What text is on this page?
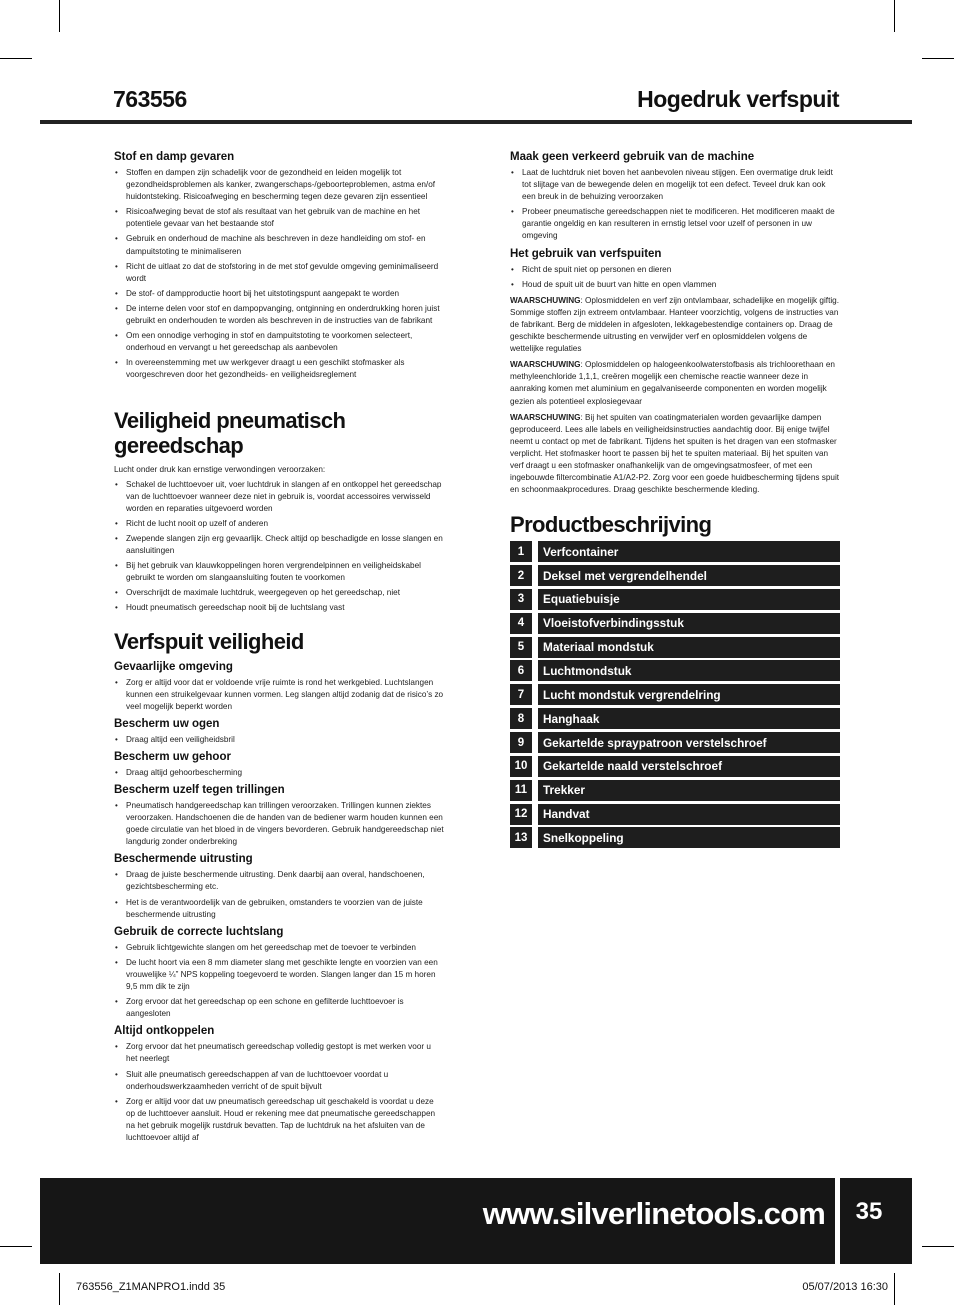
763556	Hogedruk verfspuit
Stof en damp gevaren
• Stoffen en dampen zijn schadelijk voor de gezondheid en leiden mogelijk tot gezondheidsproblemen als kanker, zwangerschaps-/geboorteproblemen, astma en/of huidontsteking. Risicoafweging en bescherming tegen deze gevaren zijn essentieel
• Risicoafweging bevat de stof als resultaat van het gebruik van de machine en het potentiele gevaar van het bestaande stof
• Gebruik en onderhoud de machine als beschreven in deze handleiding om stof- en dampuitstoting te minimaliseren
• Richt de uitlaat zo dat de stofstoring in de met stof gevulde omgeving geminimaliseerd wordt
• De stof- of dampproductie hoort bij het uitstotingspunt aangepakt te worden
• De interne delen voor stof en dampopvanging, ontginning en onderdrukking horen juist gebruikt en onderhouden te worden als beschreven in de instructies van de fabrikant
• Om een onnodige verhoging in stof en dampuitstoting te voorkomen selecteert, onderhoud en vervangt u het gereedschap als aanbevolen
• In overeenstemming met uw werkgever draagt u een geschikt stofmasker als voorgeschreven door het gezondheids- en veiligheidsreglement
Veiligheid pneumatisch gereedschap

Lucht onder druk kan ernstige verwondingen veroorzaken:

• Schakel de luchttoevoer uit, voer luchtdruk in slangen af en ontkoppel het gereedschap van de luchttoevoer wanneer deze niet in gebruik is, voordat accessoires verwisseld worden en reparaties uitgevoerd worden
• Richt de lucht nooit op uzelf of anderen
• Zwepende slangen zijn erg gevaarlijk. Check altijd op beschadigde en losse slangen en aansluitingen
• Bij het gebruik van klauwkoppelingen horen vergrendelpinnen en veiligheidskabel gebruikt te worden om slangaansluiting fouten te voorkomen
• Overschrijdt de maximale luchtdruk, weergegeven op het gereedschap, niet
• Houdt pneumatisch gereedschap nooit bij de luchtslang vast
Verfspuit veiligheid
Gevaarlijke omgeving
• Zorg er altijd voor dat er voldoende vrije ruimte is rond het werkgebied. Luchtslangen kunnen een struikelgevaar kunnen vormen. Leg slangen altijd zodanig dat de risico’s zo veel mogelijk beperkt worden
Bescherm uw ogen
• Draag altijd een veiligheidsbril
Bescherm uw gehoor
• Draag altijd gehoorbescherming
Bescherm uzelf tegen trillingen
• Pneumatisch handgereedschap kan trillingen veroorzaken. Trillingen kunnen ziektes veroorzaken. Handschoenen die de handen van de bediener warm houden kunnen een goede circulatie van het bloed in de vingers bevorderen. Gebruik handgereedschap niet langdurig zonder onderbreking
Beschermende uitrusting
• Draag de juiste beschermende uitrusting. Denk daarbij aan overal, handschoenen, gezichtsbescherming etc.
• Het is de verantwoordelijk van de gebruiken, omstanders te voorzien van de juiste beschermende uitrusting
Gebruik de correcte luchtslang
• Gebruik lichtgewichte slangen om het gereedschap met de toevoer te verbinden
• De lucht hoort via een 8 mm diameter slang met geschikte lengte en voorzien van een vrouwelijke ¼” NPS koppeling toegevoerd te worden. Slangen langer dan 15 m horen 9,5 mm dik te zijn
• Zorg ervoor dat het gereedschap op een schone en gefilterde luchttoevoer is aangesloten
Altijd ontkoppelen
• Zorg ervoor dat het pneumatisch gereedschap volledig gestopt is met werken voor u het neerlegt
• Sluit alle pneumatisch gereedschappen af van de luchttoevoer voordat u onderhoudswerkzaamheden verricht of de spuit bijvult
• Zorg er altijd voor dat uw pneumatisch gereedschap uit geschakeld is voordat u deze op de luchttoever aansluit. Houd er rekening mee dat pneumatische gereedschappen na het gebruik mogelijk rustdruk bevatten. Tap de luchtdruk na het afsluiten van de luchttoevoer altijd af
Maak geen verkeerd gebruik van de machine
• Laat de luchtdruk niet boven het aanbevolen niveau stijgen. Een overmatige druk leidt tot slijtage van de bewegende delen en mogelijk tot een defect. Teveel druk kan ook een breuk in de behuizing veroorzaken
• Probeer pneumatische gereedschappen niet te modificeren. Het modificeren maakt de garantie ongeldig en kan resulteren in ernstig letsel voor uzelf of personen in uw omgeving
Het gebruik van verfspuiten
• Richt de spuit niet op personen en dieren
• Houd de spuit uit de buurt van hitte en open vlammen

WAARSCHUWING: Oplosmiddelen en verf zijn ontvlambaar, schadelijke en mogelijk giftig. Sommige stoffen zijn extreem ontvlambaar. Hanteer voorzichtig, volgens de instructies van de fabrikant. Berg de middelen in afgesloten, lekkagebestendige containers op. Draag de geschikte beschermende uitrusting en verwijder verf en oplosmiddelen volgens de wettelijke regulaties

WAARSCHUWING: Oplosmiddelen op halogeenkoolwaterstofbasis als trichloorethaan en methyleenchloride 1,1,1, creëren mogelijk een chemische reactie wanneer deze in aanraking komen met aluminium en gegalvaniseerde componenten en worden mogelijk gezien als potentieel explosiegevaar

WAARSCHUWING: Bij het spuiten van coatingmaterialen worden gevaarlijke dampen geproduceerd. Lees alle labels en veiligheidsinstructies aandachtig door. Bij enige twijfel neemt u contact op met de fabrikant. Tijdens het spuiten is het dragen van een stofmasker verplicht. Het stofmasker hoort te passen bij het te spuiten materiaal. Bij het spuiten van verf draagt u een stofmasker onafhankelijk van de omgevingsatmosfeer, of met een ingebouwde filtercombinatie A1/A2-P2. Zorg voor een goede huidbescherming tijdens spuit en schoonmaakprocedures. Draag geschikte beschermende kleding.

Productbeschrijving
1	Verfcontainer
2	Deksel met vergrendelhendel
3	Equatiebuisje
4	Vloeistofverbindingsstuk
5	Materiaal mondstuk
6	Luchtmondstuk
7	Lucht mondstuk vergrendelring
8	Hanghaak
9	Gekartelde spraypatroon verstelschroef
10	Gekartelde naald verstelschroef
11	Trekker
12	Handvat
13	Snelkoppeling
www.silverlinetools.com	35
763556_Z1MANPRO1.indd 35	05/07/2013 16:30
